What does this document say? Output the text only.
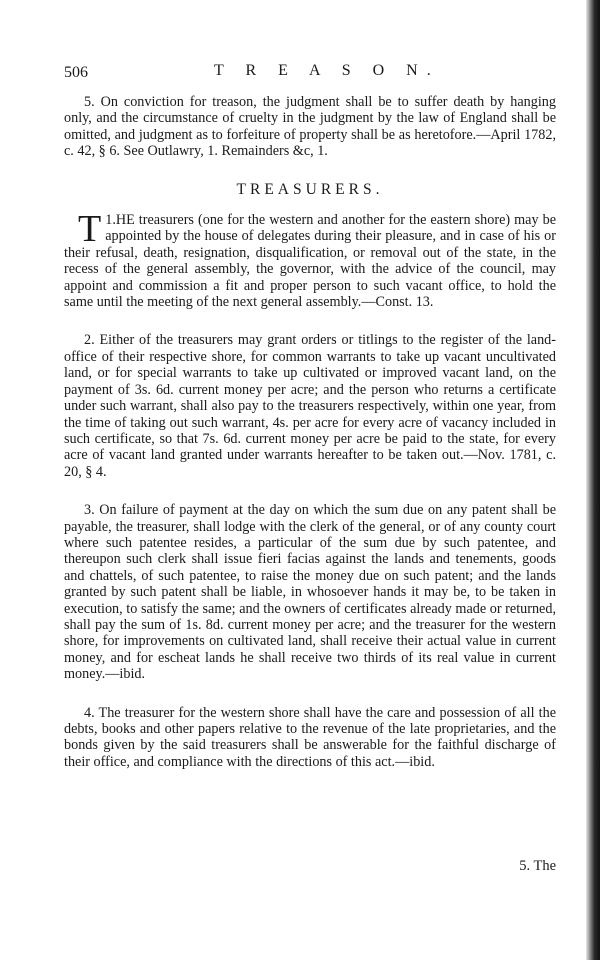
506	T R E A S O N.

5. On conviction for treason, the judgment shall be to suffer death by hanging only, and the circumstance of cruelty in the judgment by the law of England shall be omitted, and judgment as to forfeiture of property shall be as heretofore.—April 1782, c. 42, § 6. See Outlawry, 1. Remainders &c, 1.

TREASURERS.

1.
T HE treasurers (one for the western and another for the eastern shore) may be appointed by the house of delegates during their pleasure, and in case of his or their refusal, death, resignation, disqualification, or removal out of the state, in the recess of the general assembly, the governor, with the advice of the council, may appoint and commission a fit and proper person to such vacant office, to hold the same until the meeting of the next general assembly.—Const. 13.

2. Either of the treasurers may grant orders or titlings to the register of the land-office of their respective shore, for common warrants to take up vacant uncultivated land, or for special warrants to take up cultivated or improved vacant land, on the payment of 3s. 6d. current money per acre; and the person who returns a certificate under such warrant, shall also pay to the treasurers respectively, within one year, from the time of taking out such warrant, 4s. per acre for every acre of vacancy included in such certificate, so that 7s. 6d. current money per acre be paid to the state, for every acre of vacant land granted under warrants hereafter to be taken out.—Nov. 1781, c. 20, § 4.

3. On failure of payment at the day on which the sum due on any patent shall be payable, the treasurer, shall lodge with the clerk of the general, or of any county court where such patentee resides, a particular of the sum due by such patentee, and thereupon such clerk shall issue fieri facias against the lands and tenements, goods and chattels, of such patentee, to raise the money due on such patent; and the lands granted by such patent shall be liable, in whosoever hands it may be, to be taken in execution, to satisfy the same; and the owners of certificates already made or returned, shall pay the sum of 1s. 8d. current money per acre; and the treasurer for the western shore, for improvements on cultivated land, shall receive their actual value in current money, and for escheat lands he shall receive two thirds of its real value in current money.—ibid.

4. The treasurer for the western shore shall have the care and possession of all the debts, books and other papers relative to the revenue of the late proprietaries, and the bonds given by the said treasurers shall be answerable for the faithful discharge of their office, and compliance with the directions of this act.—ibid.

5. The
